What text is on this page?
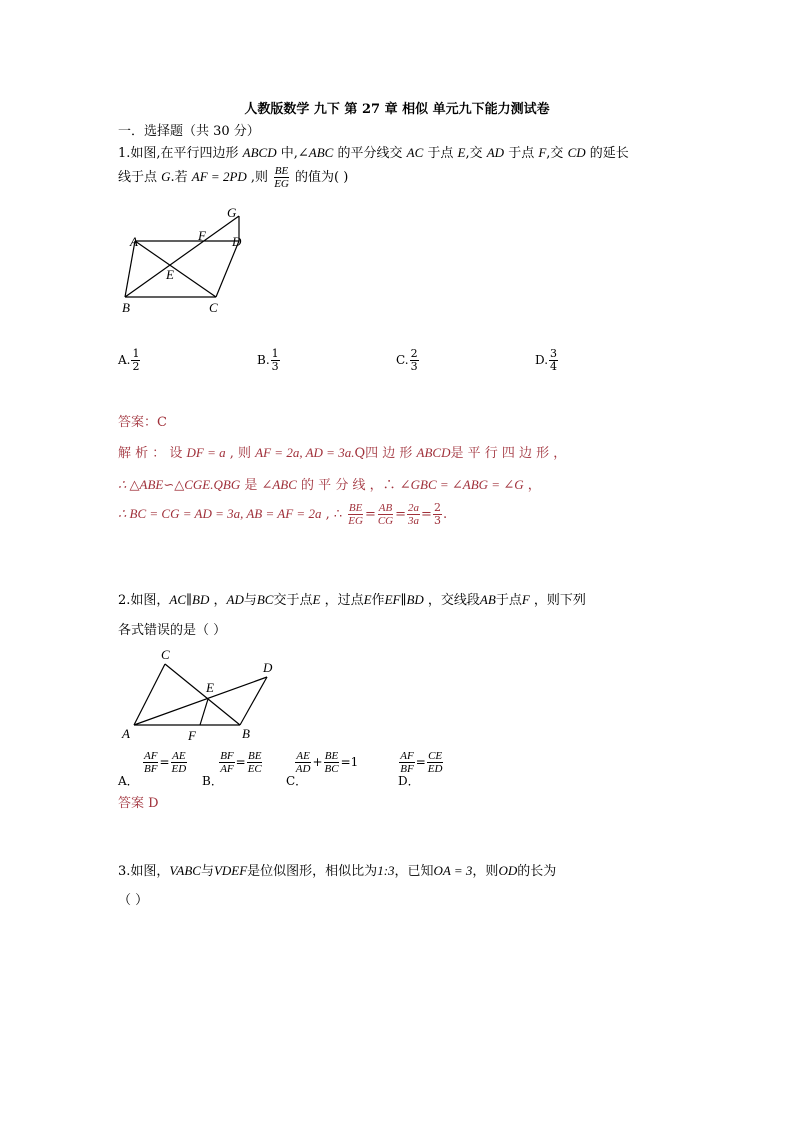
人教版数学 九下 第 27 章 相似 单元九下能力测试卷
一．选择题（共 30 分）
1.如图,在平行四边形 ABCD 中,∠ABC 的平分线交 AC 于点 E,交 AD 于点 F,交 CD 的延长
线于点 G.若 AF = 2PD ,则 $\frac{BE}{EG}$ 的值为( )
A	F D
G
E
B	C
A. $\frac{1}{2}$	B. $\frac{1}{3}$	C. $\frac{2}{3}$	D. $\frac{3}{4}$
答案：C
解 析 ： 设 DF = a , 则 AF = 2a, AD = 3a.Q四 边 形 ABCD是 平 行 四 边 形 ，
∴ △ABE∽△CGE.QBG 是 ∠ABC 的 平 分 线 ，∴ ∠GBC = ∠ABG = ∠G ，
∴ BC = CG = AD = 3a, AB = AF = 2a , ∴ $\frac{BE}{EG} = \frac{AB}{CG} = \frac{2a}{3a} = \frac{2}{3}$ .
2.如图，AC∥BD ，AD与BC交于点E ，过点E作EF∥BD ，交线段AB于点F ，则下列
各式错误的是（ ）
C
D
E
A	F	B
$\frac{AF}{BF} = \frac{AE}{ED}$	$\frac{BF}{AF} = \frac{BE}{EC}$	$\frac{AE}{AD} + \frac{BE}{BC} =1$	$\frac{AF}{BF} = \frac{CE}{ED}$
A．	B．	C．	D．
答案 D
3.如图，VABC与VDEF是位似图形，相似比为1:3，已知OA = 3，则OD的长为
（ ）
